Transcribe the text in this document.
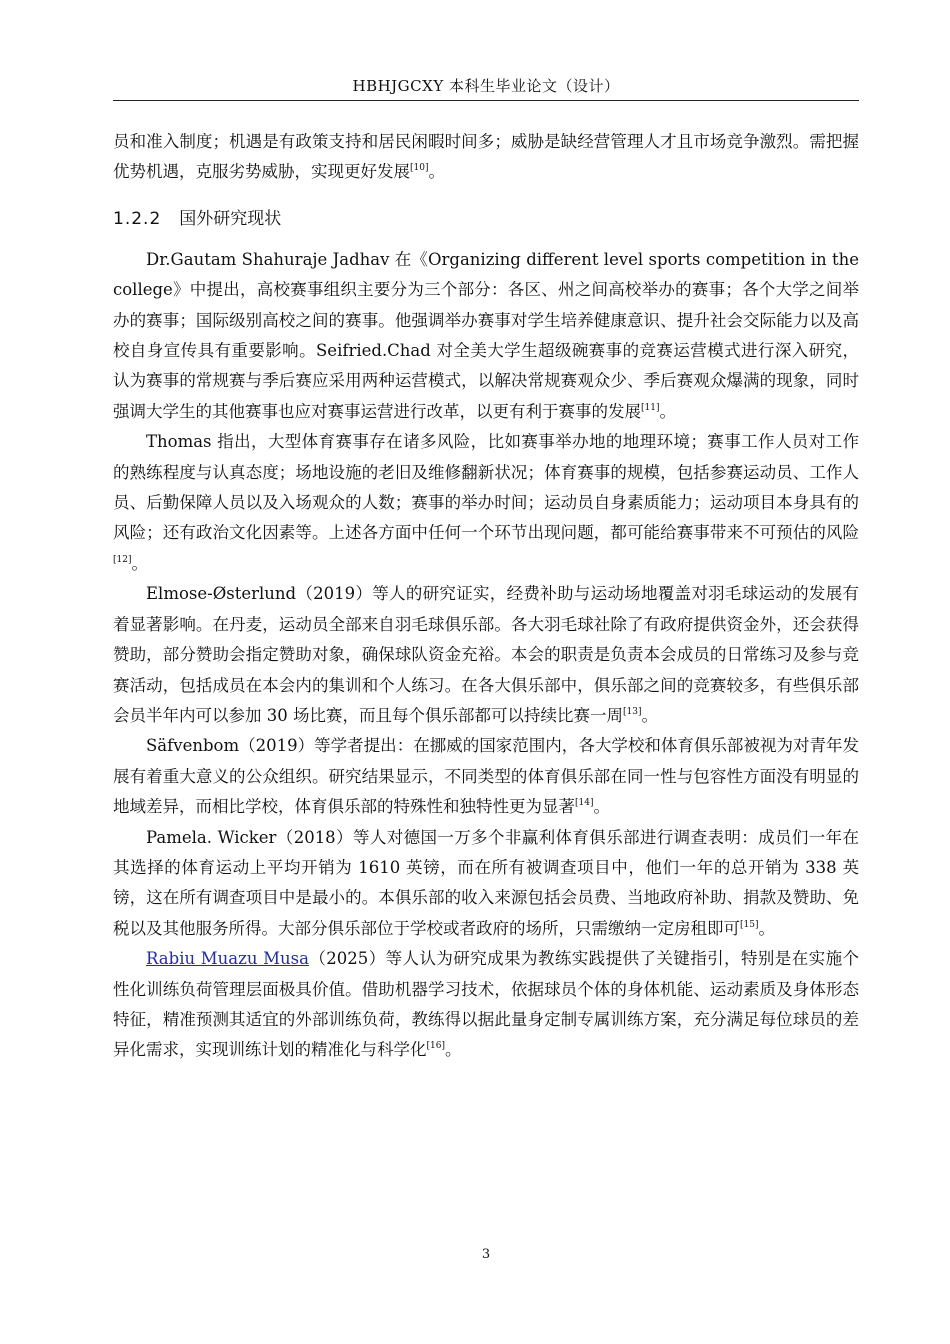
HBHJGCXY 本科生毕业论文（设计）

员和准入制度；机遇是有政策支持和居民闲暇时间多；威胁是缺经营管理人才且市场竞争激烈。需把握优势机遇，克服劣势威胁，实现更好发展[10]。

1.2.2 国外研究现状

Dr.Gautam Shahuraje Jadhav 在《Organizing different level sports competition in the college》中提出，高校赛事组织主要分为三个部分：各区、州之间高校举办的赛事；各个大学之间举办的赛事；国际级别高校之间的赛事。他强调举办赛事对学生培养健康意识、提升社会交际能力以及高校自身宣传具有重要影响。Seifried.Chad 对全美大学生超级碗赛事的竞赛运营模式进行深入研究，认为赛事的常规赛与季后赛应采用两种运营模式，以解决常规赛观众少、季后赛观众爆满的现象，同时强调大学生的其他赛事也应对赛事运营进行改革，以更有利于赛事的发展[11]。

Thomas 指出，大型体育赛事存在诸多风险，比如赛事举办地的地理环境；赛事工作人员对工作的熟练程度与认真态度；场地设施的老旧及维修翻新状况；体育赛事的规模，包括参赛运动员、工作人员、后勤保障人员以及入场观众的人数；赛事的举办时间；运动员自身素质能力；运动项目本身具有的风险；还有政治文化因素等。上述各方面中任何一个环节出现问题，都可能给赛事带来不可预估的风险[12]。

Elmose-Østerlund（2019）等人的研究证实，经费补助与运动场地覆盖对羽毛球运动的发展有着显著影响。在丹麦，运动员全部来自羽毛球俱乐部。各大羽毛球社除了有政府提供资金外，还会获得赞助，部分赞助会指定赞助对象，确保球队资金充裕。本会的职责是负责本会成员的日常练习及参与竞赛活动，包括成员在本会内的集训和个人练习。在各大俱乐部中，俱乐部之间的竞赛较多，有些俱乐部会员半年内可以参加 30 场比赛，而且每个俱乐部都可以持续比赛一周[13]。

Säfvenbom（2019）等学者提出：在挪威的国家范围内，各大学校和体育俱乐部被视为对青年发展有着重大意义的公众组织。研究结果显示，不同类型的体育俱乐部在同一性与包容性方面没有明显的地域差异，而相比学校，体育俱乐部的特殊性和独特性更为显著[14]。

Pamela. Wicker（2018）等人对德国一万多个非赢利体育俱乐部进行调查表明：成员们一年在其选择的体育运动上平均开销为 1610 英镑，而在所有被调查项目中，他们一年的总开销为 338 英镑，这在所有调查项目中是最小的。本俱乐部的收入来源包括会员费、当地政府补助、捐款及赞助、免税以及其他服务所得。大部分俱乐部位于学校或者政府的场所，只需缴纳一定房租即可[15]。

Rabiu Muazu Musa（2025）等人认为研究成果为教练实践提供了关键指引，特别是在实施个性化训练负荷管理层面极具价值。借助机器学习技术，依据球员个体的身体机能、运动素质及身体形态特征，精准预测其适宜的外部训练负荷，教练得以据此量身定制专属训练方案，充分满足每位球员的差异化需求，实现训练计划的精准化与科学化[16]。

3
